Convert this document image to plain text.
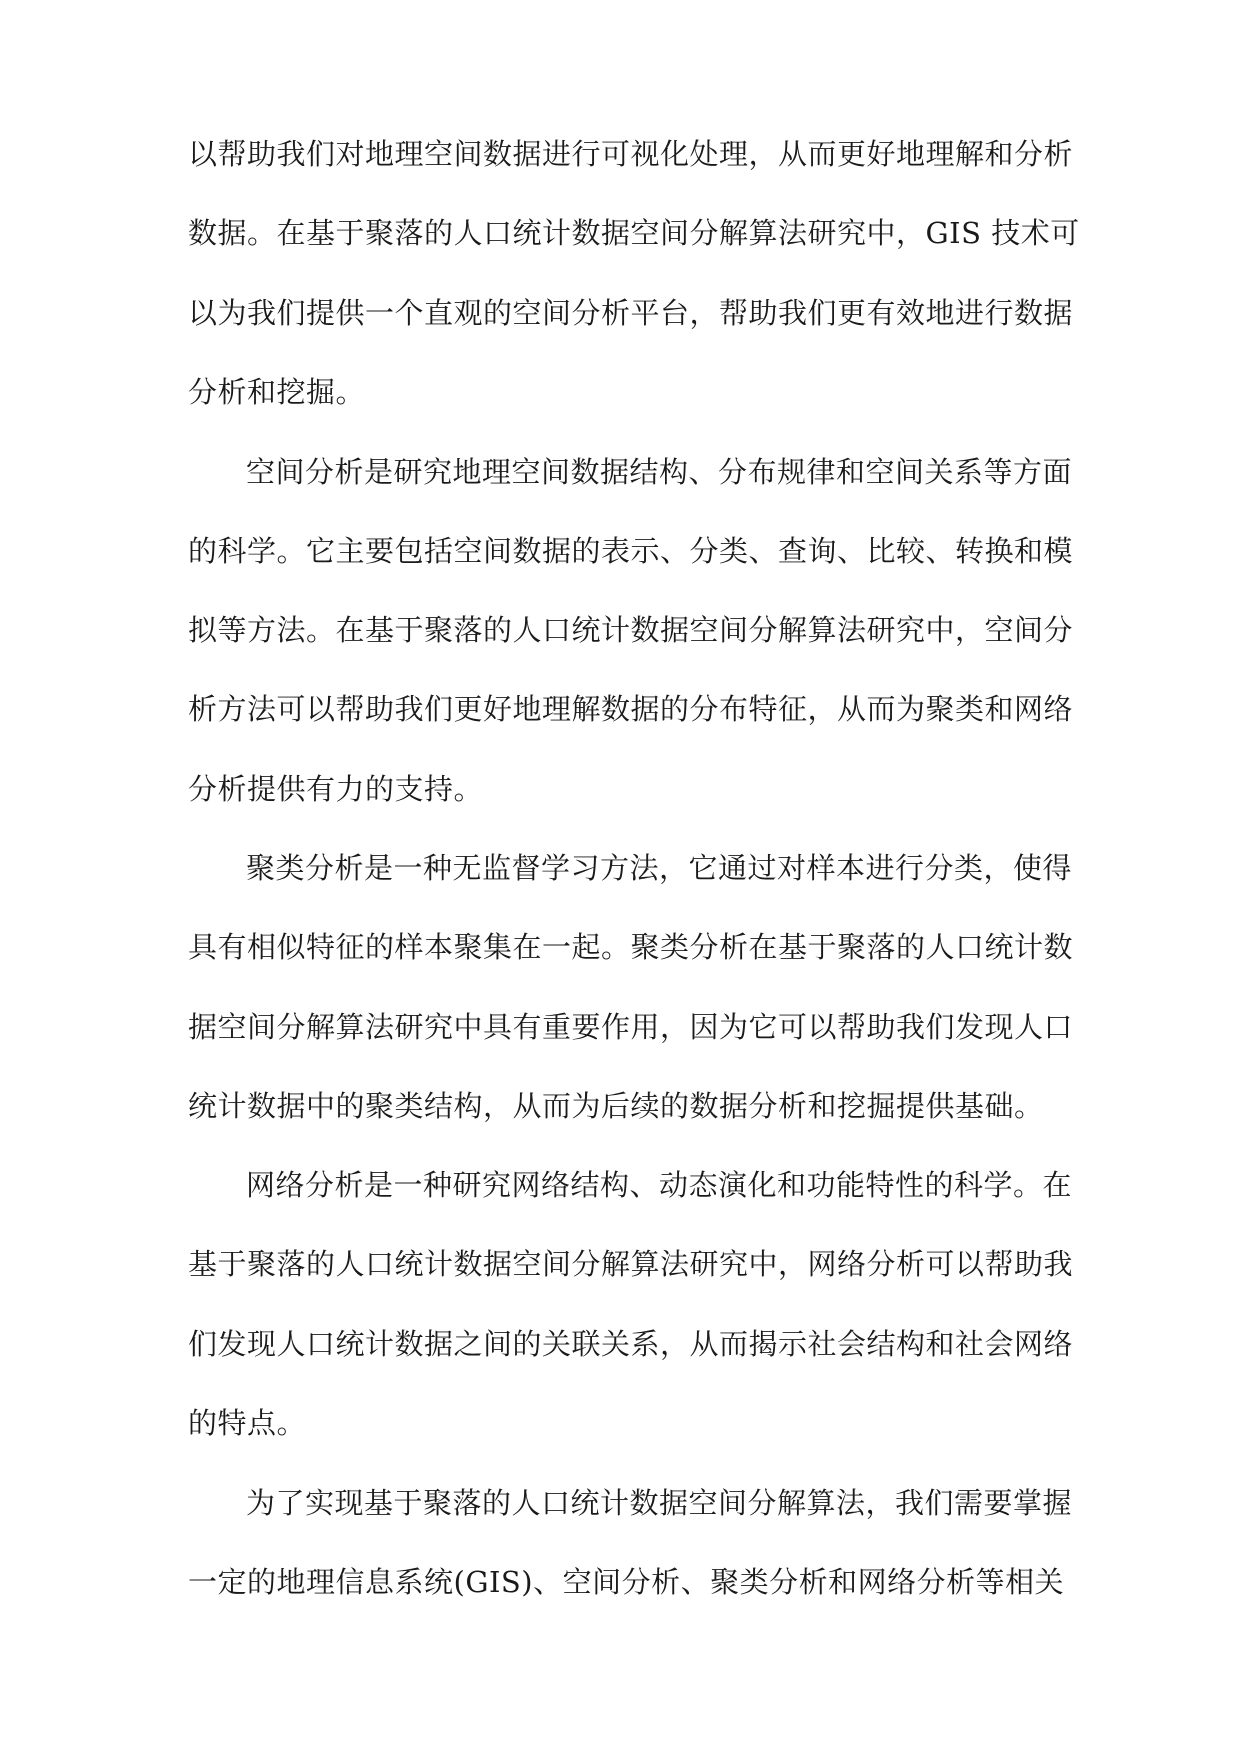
以帮助我们对地理空间数据进行可视化处理，从而更好地理解和分析
数据。在基于聚落的人口统计数据空间分解算法研究中，GIS 技术可
以为我们提供一个直观的空间分析平台，帮助我们更有效地进行数据
分析和挖掘。
空间分析是研究地理空间数据结构、分布规律和空间关系等方面
的科学。它主要包括空间数据的表示、分类、查询、比较、转换和模
拟等方法。在基于聚落的人口统计数据空间分解算法研究中，空间分
析方法可以帮助我们更好地理解数据的分布特征，从而为聚类和网络
分析提供有力的支持。
聚类分析是一种无监督学习方法，它通过对样本进行分类，使得
具有相似特征的样本聚集在一起。聚类分析在基于聚落的人口统计数
据空间分解算法研究中具有重要作用，因为它可以帮助我们发现人口
统计数据中的聚类结构，从而为后续的数据分析和挖掘提供基础。
网络分析是一种研究网络结构、动态演化和功能特性的科学。在
基于聚落的人口统计数据空间分解算法研究中，网络分析可以帮助我
们发现人口统计数据之间的关联关系，从而揭示社会结构和社会网络
的特点。
为了实现基于聚落的人口统计数据空间分解算法，我们需要掌握
一定的地理信息系统(GIS)、空间分析、聚类分析和网络分析等相关
